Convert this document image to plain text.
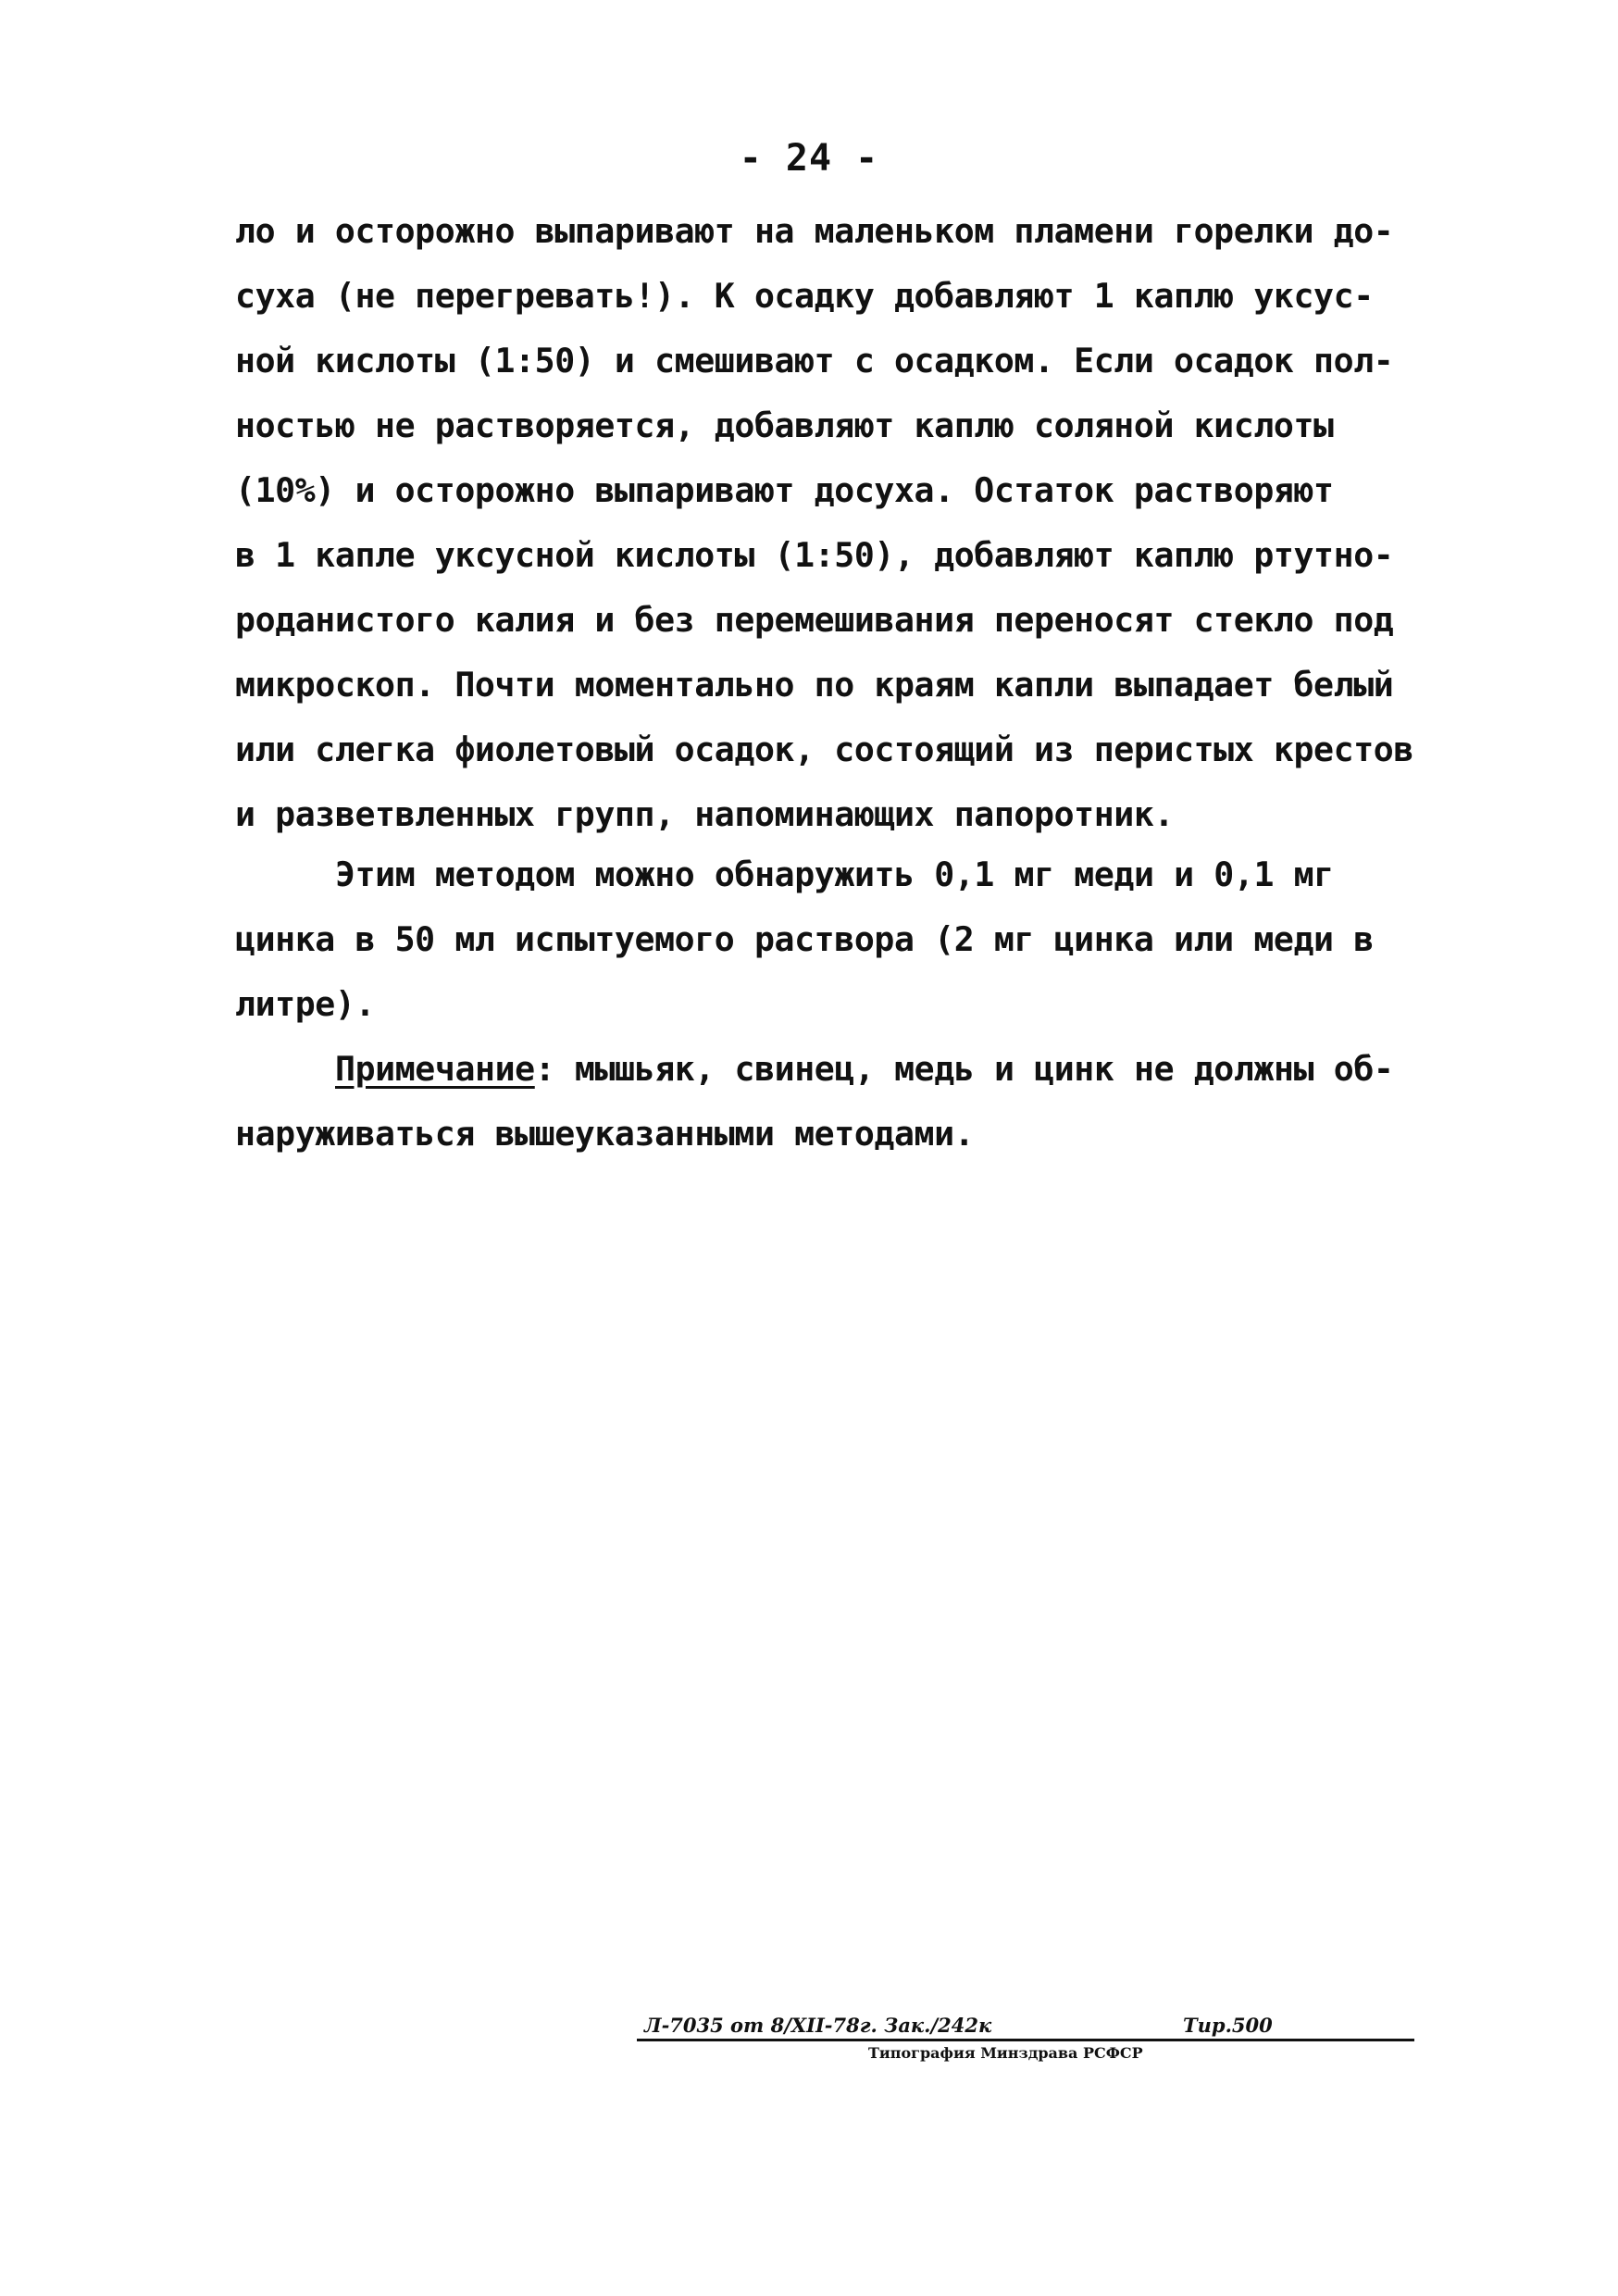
- 24 -
ло и осторожно выпаривают на маленьком пламени горелки до-
суха (не перегревать!). К осадку добавляют 1 каплю уксус-
ной кислоты (1:50) и смешивают с осадком. Если осадок пол-
ностью не растворяется, добавляют каплю соляной кислоты
(10%) и осторожно выпаривают досуха. Остаток растворяют
в 1 капле уксусной кислоты (1:50), добавляют каплю ртутно-
роданистого калия и без перемешивания переносят стекло под
микроскоп. Почти моментально по краям капли выпадает белый
или слегка фиолетовый осадок, состоящий из перистых крестов
и разветвленных групп, напоминающих папоротник.
Этим методом можно обнаружить 0,1 мг меди и 0,1 мг
цинка в 50 мл испытуемого раствора (2 мг цинка или меди в
литре).
Примечание: мышьяк, свинец, медь и цинк не должны об-
наруживаться вышеуказанными методами.
Л-7035 от 8/XII-78г. Зак./242к	Тир.500
Типография Минздрава РСФСР
